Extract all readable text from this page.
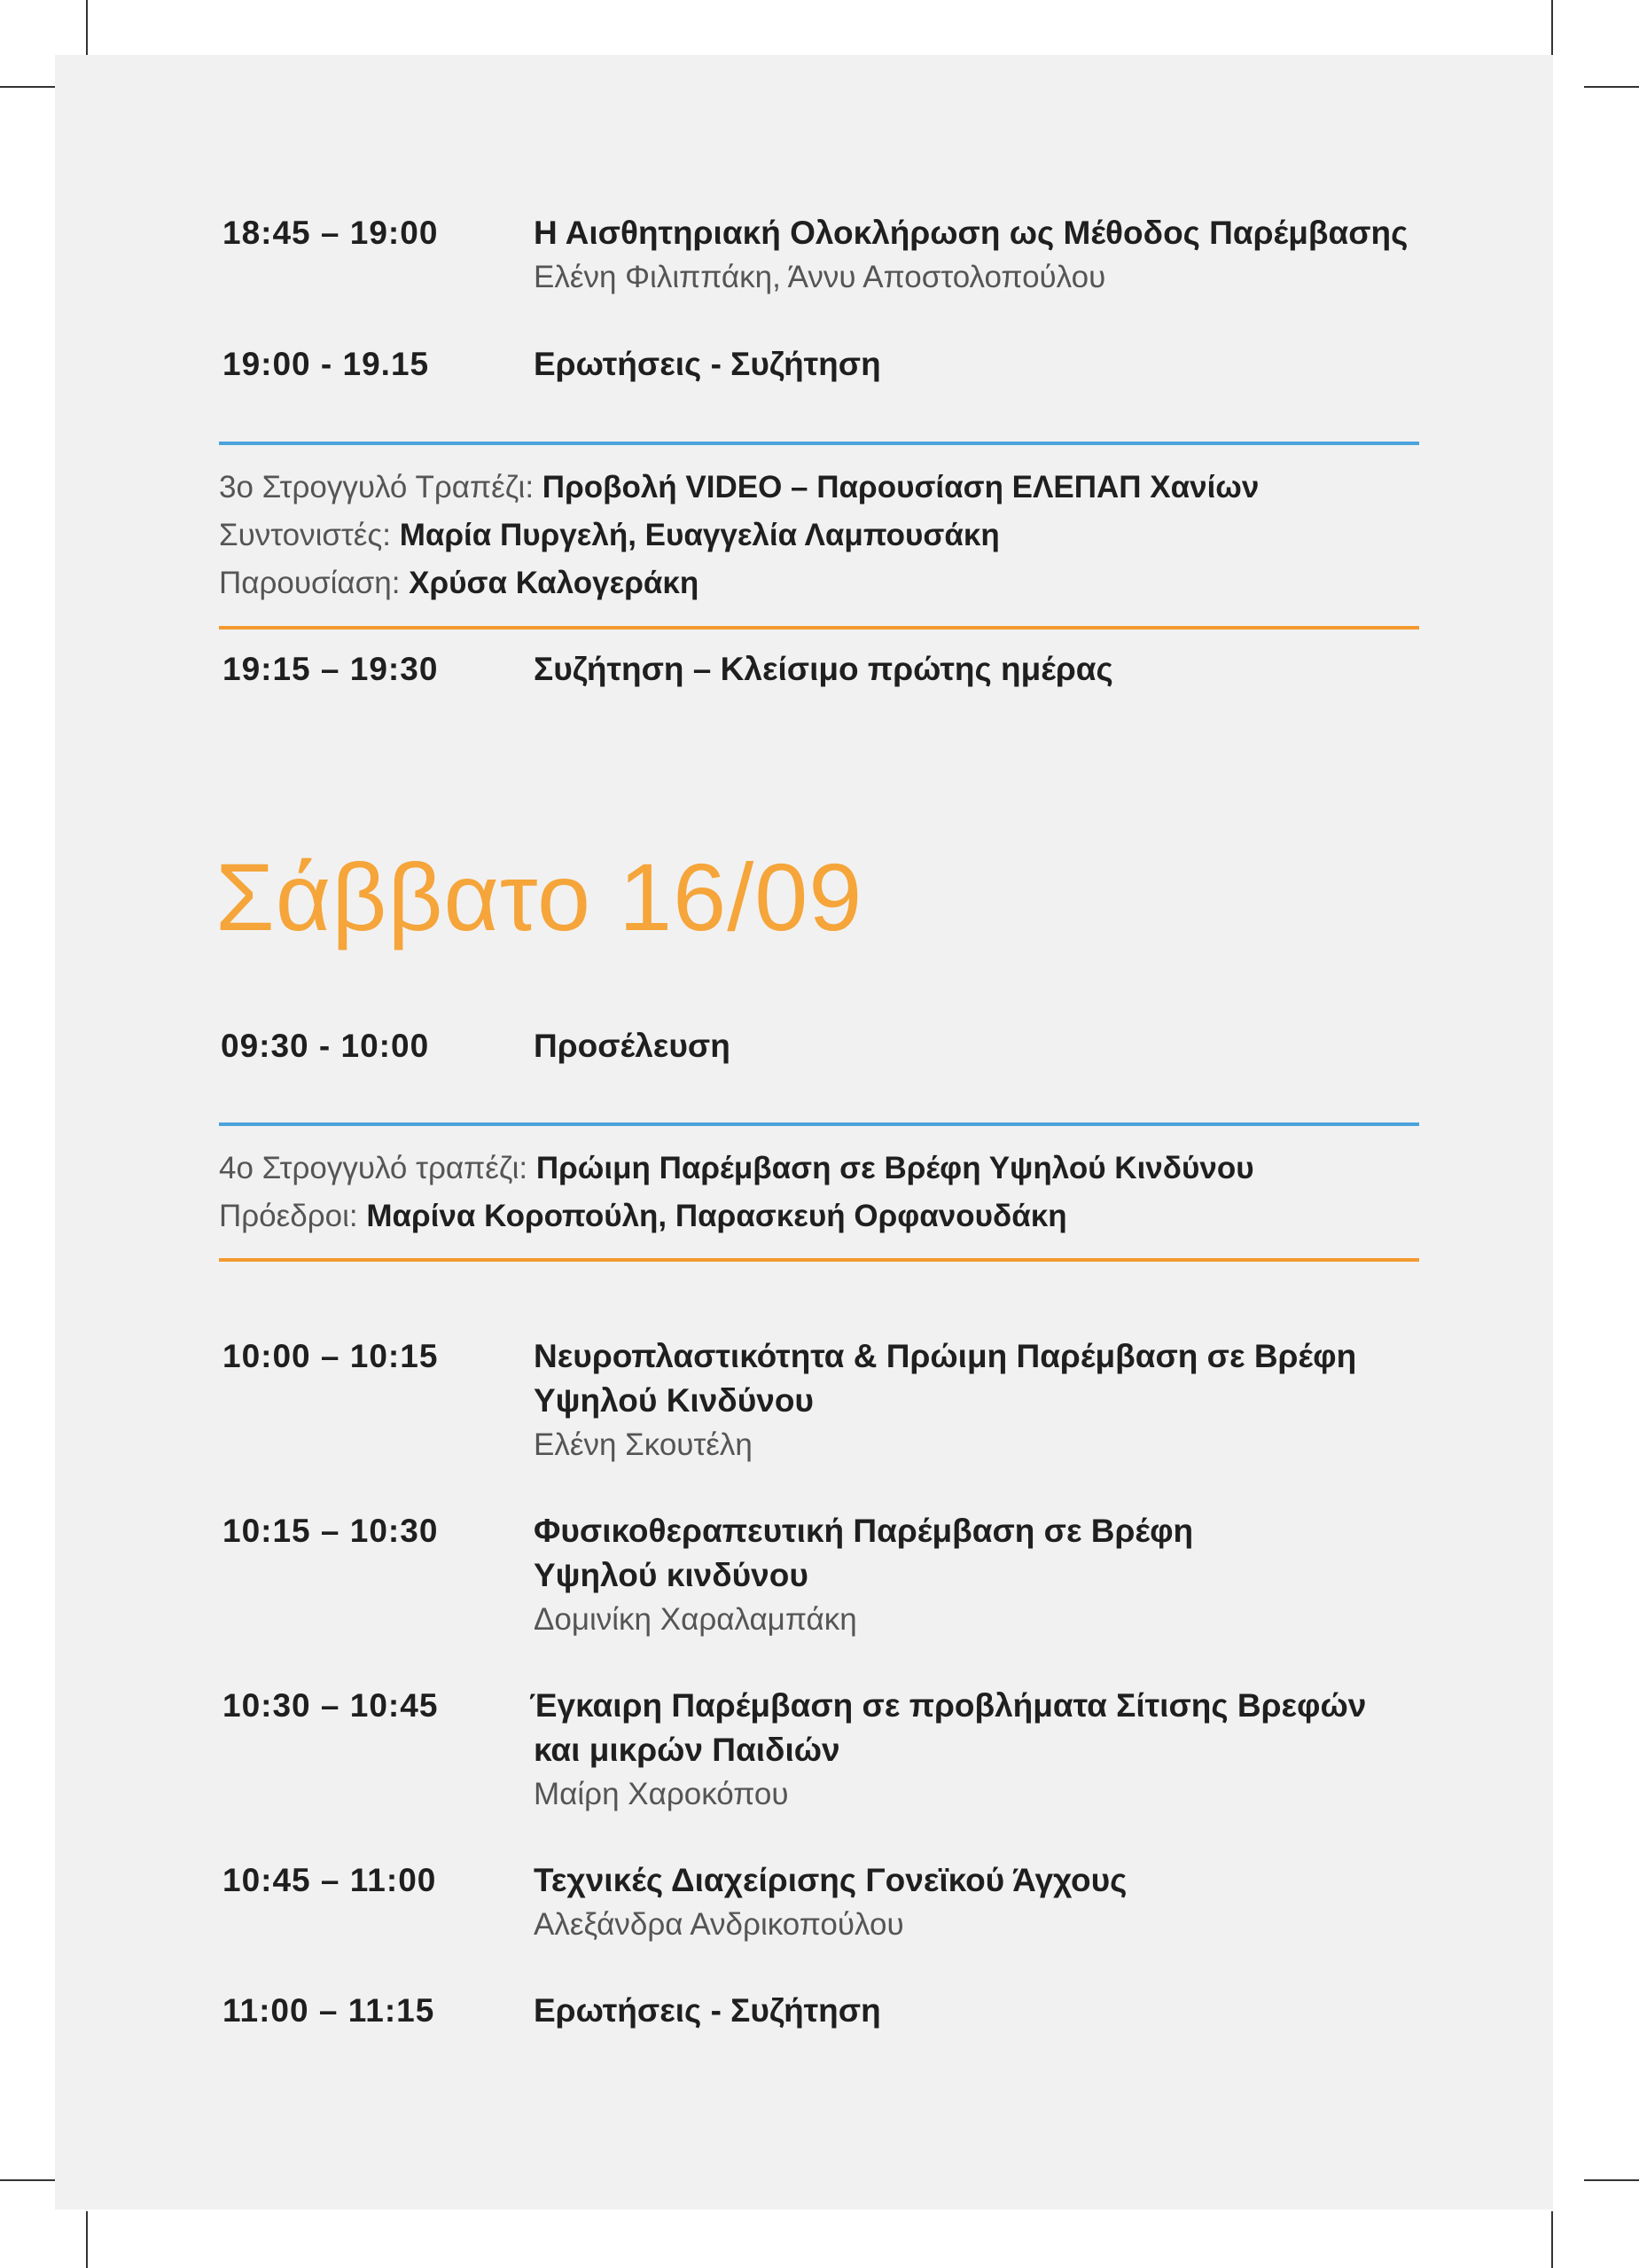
18:45 – 19:00	Η Αισθητηριακή Ολοκλήρωση ως Μέθοδος Παρέμβασης
Ελένη Φιλιππάκη, Άννυ Αποστολοπούλου
19:00 - 19.15	Ερωτήσεις - Συζήτηση
3ο Στρογγυλό Τραπέζι: Προβολή VIDEO – Παρουσίαση ΕΛΕΠΑΠ Χανίων
Συντονιστές: Μαρία Πυργελή, Ευαγγελία Λαμπουσάκη
Παρουσίαση: Χρύσα Καλογεράκη
19:15 – 19:30	Συζήτηση – Κλείσιμο πρώτης ημέρας
Σάββατο 16/09
09:30 - 10:00	Προσέλευση
4ο Στρογγυλό τραπέζι: Πρώιμη Παρέμβαση σε Βρέφη Υψηλού Κινδύνου
Πρόεδροι: Μαρίνα Κοροπούλη, Παρασκευή Ορφανουδάκη
10:00 – 10:15	Νευροπλαστικότητα & Πρώιμη Παρέμβαση σε Βρέφη
Υψηλού Κινδύνου
Ελένη Σκουτέλη
10:15 – 10:30	Φυσικοθεραπευτική Παρέμβαση σε Βρέφη
Υψηλού κινδύνου
Δομινίκη Χαραλαμπάκη
10:30 – 10:45	Έγκαιρη Παρέμβαση σε προβλήματα Σίτισης Βρεφών
και μικρών Παιδιών
Μαίρη Χαροκόπου
10:45 – 11:00	Τεχνικές Διαχείρισης Γονεϊκού Άγχους
Αλεξάνδρα Ανδρικοπούλου
11:00 – 11:15	Ερωτήσεις - Συζήτηση
